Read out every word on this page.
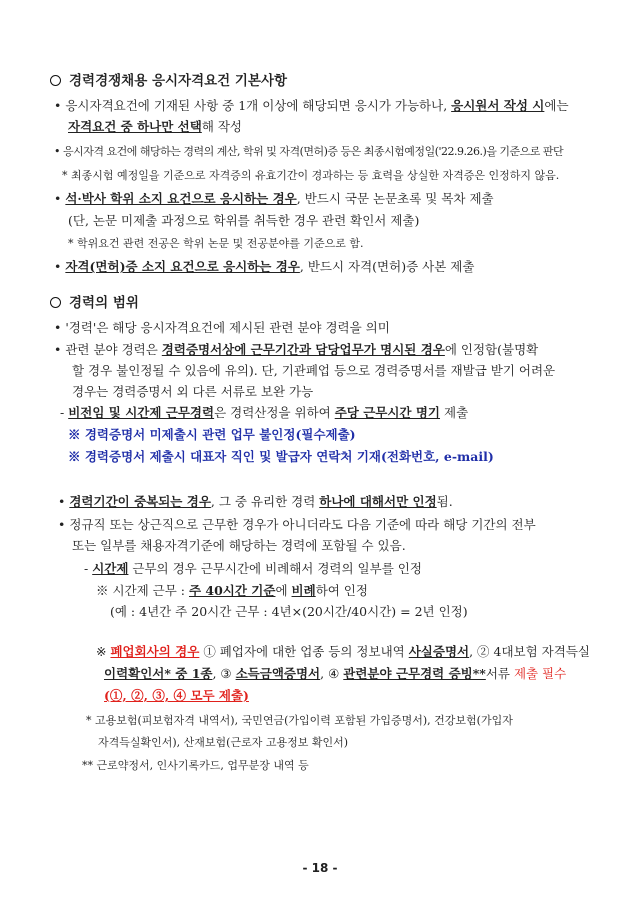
경력경쟁채용 응시자격요건 기본사항
• 응시자격요건에 기재된 사항 중 1개 이상에 해당되면 응시가 가능하나, 응시원서 작성 시에는
자격요건 중 하나만 선택해 작성
• 응시자격 요건에 해당하는 경력의 계산, 학위 및 자격(면허)증 등은 최종시험예정일('22.9.26.)을 기준으로 판단
* 최종시험 예정일을 기준으로 자격증의 유효기간이 경과하는 등 효력을 상실한 자격증은 인정하지 않음.
• 석·박사 학위 소지 요건으로 응시하는 경우, 반드시 국문 논문초록 및 목차 제출
(단, 논문 미제출 과정으로 학위를 취득한 경우 관련 확인서 제출)
* 학위요건 관련 전공은 학위 논문 및 전공분야를 기준으로 함.
• 자격(면허)증 소지 요건으로 응시하는 경우, 반드시 자격(면허)증 사본 제출
경력의 범위
• '경력'은 해당 응시자격요건에 제시된 관련 분야 경력을 의미
• 관련 분야 경력은 경력증명서상에 근무기간과 담당업무가 명시된 경우에 인정함(불명확
할 경우 불인정될 수 있음에 유의). 단, 기관폐업 등으로 경력증명서를 재발급 받기 어려운
경우는 경력증명서 외 다른 서류로 보완 가능
- 비전임 및 시간제 근무경력은 경력산정을 위하여 주당 근무시간 명기 제출
※ 경력증명서 미제출시 관련 업무 불인정(필수제출)
※ 경력증명서 제출시 대표자 직인 및 발급자 연락처 기재(전화번호, e-mail)
• 경력기간이 중복되는 경우, 그 중 유리한 경력 하나에 대해서만 인정됨.
• 정규직 또는 상근직으로 근무한 경우가 아니더라도 다음 기준에 따라 해당 기간의 전부
또는 일부를 채용자격기준에 해당하는 경력에 포함될 수 있음.
- 시간제 근무의 경우 근무시간에 비례해서 경력의 일부를 인정
※ 시간제 근무 : 주 40시간 기준에 비례하여 인정
(예 : 4년간 주 20시간 근무 : 4년×(20시간/40시간) = 2년 인정)
※ 폐업회사의 경우 ① 폐업자에 대한 업종 등의 정보내역 사실증명서, ② 4대보험 자격득실
이력확인서* 중 1종, ③ 소득금액증명서, ④ 관련분야 근무경력 증빙**서류 제출 필수
(①, ②, ③, ④ 모두 제출)
* 고용보험(피보험자격 내역서), 국민연금(가입이력 포함된 가입증명서), 건강보험(가입자
자격득실확인서), 산재보험(근로자 고용정보 확인서)
** 근로약정서, 인사기록카드, 업무분장 내역 등
- 18 -
